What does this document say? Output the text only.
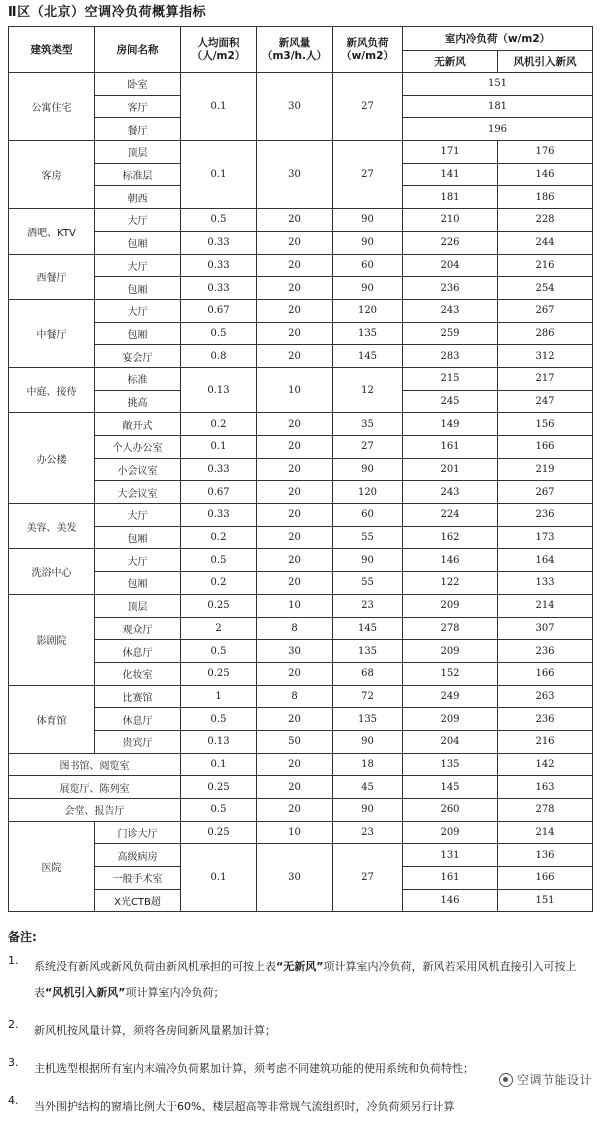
Ⅱ区（北京）空调冷负荷概算指标
建筑类型	房间名称	人均面积（人/m2）	新风量（m3/h.人）	新风负荷（w/m2）	室内冷负荷（w/m2）	
					无新风	风机引入新风
公寓住宅	卧室	0.1	30	27	151	
	客厅				181	
	餐厅				196	
客房	顶层	0.1	30	27	171	176
	标准层				141	146
	朝西				181	186
酒吧、KTV	大厅	0.5	20	90	210	228
	包厢	0.33	20	90	226	244
西餐厅	大厅	0.33	20	60	204	216
	包厢	0.33	20	90	236	254
中餐厅	大厅	0.67	20	120	243	267
	包厢	0.5	20	135	259	286
	宴会厅	0.8	20	145	283	312
中庭、接待	标准	0.13	10	12	215	217
	挑高				245	247
办公楼	敞开式	0.2	20	35	149	156
	个人办公室	0.1	20	27	161	166
	小会议室	0.33	20	90	201	219
	大会议室	0.67	20	120	243	267
美容、美发	大厅	0.33	20	60	224	236
	包厢	0.2	20	55	162	173
洗浴中心	大厅	0.5	20	90	146	164
	包厢	0.2	20	55	122	133
影剧院	顶层	0.25	10	23	209	214
	观众厅	2	8	145	278	307
	休息厅	0.5	30	135	209	236
	化妆室	0.25	20	68	152	166
体育馆	比赛馆	1	8	72	249	263
	休息厅	0.5	20	135	209	236
	贵宾厅	0.13	50	90	204	216
图书馆、阅览室		0.1	20	18	135	142
展览厅、陈列室		0.25	20	45	145	163
会堂、报告厅		0.5	20	90	260	278
医院	门诊大厅	0.25	10	23	209	214
	高级病房	0.1	30	27	131	136
	一般手术室				161	166
	X光CTB超				146	151
备注:
1.	系统没有新风或新风负荷由新风机承担的可按上表“无新风”项计算室内冷负荷，新风若采用风机直接引入可按上表“风机引入新风”项计算室内冷负荷；
2.	新风机按风量计算，须将各房间新风量累加计算；
3.	主机选型根据所有室内末端冷负荷累加计算，须考虑不同建筑功能的使用系统和负荷特性；
4.	当外围护结构的窗墙比例大于60%、楼层超高等非常规气流组织时，冷负荷须另行计算
空调节能设计
